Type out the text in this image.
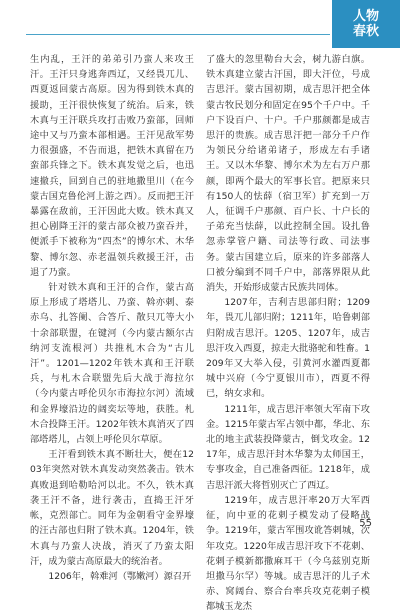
人物
春秋

生内乱，王汗的弟弟引乃蛮人来攻王汗。王汗只身逃奔西辽，又经畏兀儿、西夏返回蒙古高原。因为得到铁木真的援助，王汗很快恢复了统治。后来，铁木真与王汗联兵攻打击败乃蛮部，回师途中又与乃蛮本部相遇。王汗见敌军势力很强盛，不告而退，把铁木真留在乃蛮部兵锋之下。铁木真发觉之后，也迅速撤兵，回到自己的驻地撒里川（在今蒙古国克鲁伦河上游之西）。反而把王汗暴露在敌前，王汗因此大败。铁木真又担心剧降王汗的蒙古部众被乃蛮吞并，便派手下被称为“四杰”的博尔术、木华黎、博尔忽、赤老温领兵救援王汗，击退了乃蛮。

针对铁木真和王汗的合作，蒙古高原上形成了塔塔儿、乃蛮、斡亦剌、泰赤乌、扎答阑、合答斤、散只兀等大小十余部联盟，在键河（今内蒙古额尔古纳河支流根河）共推札木合为“古儿汗”。1201—1202年铁木真和王汗联兵，与札木合联盟先后大战于海拉尔（今内蒙古呼伦贝尔市海拉尔河）流域和金界壕沿边的阔奕坛等地，获胜。札木合投降王汗。1202年铁木真消灭了四部塔塔儿，占领上呼伦贝尔草原。

王汗看到铁木真不断壮大，便在1203年突然对铁木真发动突然袭击。铁木真败退到哈勒哈河以北。不久，铁木真袭王汗不备，进行袭击，直捣王汗牙帐，克烈部亡。同年为金朝看守金界壕的汪古部也归附了铁木真。1204年，铁木真与乃蛮人决战，消灭了乃蛮太阳汗，成为蒙古高原最大的统治者。

1206年，斡难河（鄂嫩河）源召开

了盛大的忽里勒台大会，树九游白旗。铁木真建立蒙古汗国，即大汗位，号成吉思汗。蒙古国初期，成吉思汗把全体蒙古牧民划分和固定在95个千户中。千户下设百户、十户。千户那颜都是成吉思汗的贵族。成吉思汗把一部分千户作为领民分给诸弟诸子，形成左右手诸王。又以木华黎、博尔术为左右万户那颜，即两个最大的军事长官。把原来只有150人的怯薛（宿卫军）扩充到一万人，征调千户那颜、百户长、十户长的子弟充当怯薛，以此控制全国。设扎鲁忽赤掌管户籍、司法等行政、司法事务。蒙古国建立后，原来的许多部落人口被分编到不同千户中，部落界限从此消失，开始形成蒙古民族共同体。

1207年，吉利吉思部归附；1209年，畏兀儿部归附；1211年，哈鲁剌部归附成吉思汗。1205、1207年，成吉思汗攻入西夏，掠走大批骆驼和牲畜。1209年又大举入侵，引黄河水灌西夏都城中兴府（今宁夏银川市），西夏不得已，纳女求和。

1211年，成吉思汗率领大军南下攻金。1215年蒙古军占领中都，华北、东北的地主武装投降蒙古，倒戈攻金。1217年，成吉思汗封木华黎为太师国王，专事攻金，自己准备西征。1218年，成吉思汗派大将哲别灭亡了西辽。

1219年，成吉思汗率20万大军西征，向中亚的花剌子模发动了侵略战争。1219年，蒙古军围攻讹答剌城，次年攻克。1220年成吉思汗攻下不花剌、花剌子模新都撒麻耳干（今乌兹别克斯坦撒马尔罕）等城。成吉思汗的儿子术赤、窝阔台、察合台率兵攻克花剌子模都城玉龙杰

55
